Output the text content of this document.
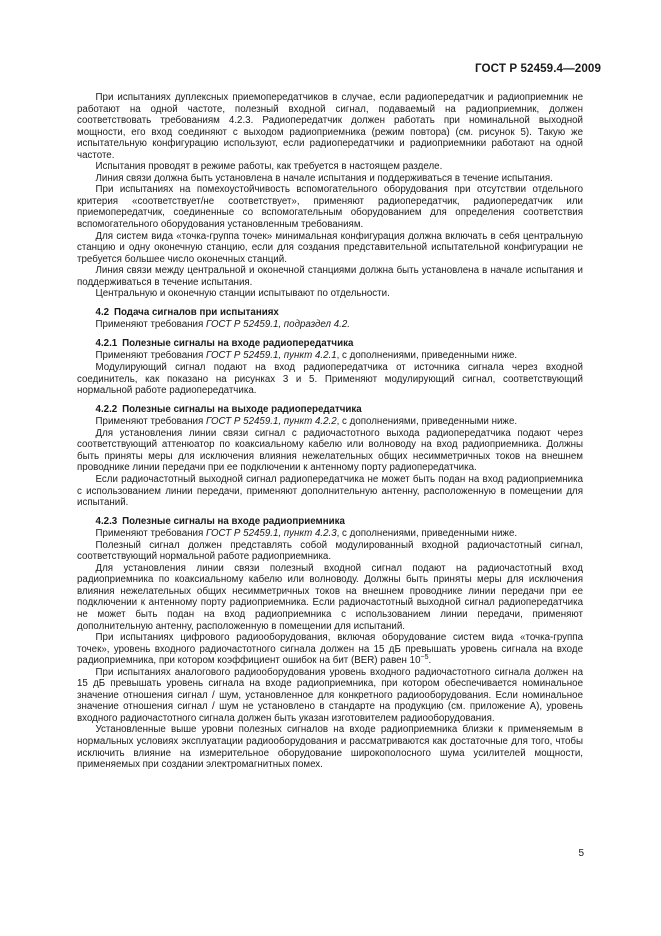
ГОСТ Р 52459.4—2009

При испытаниях дуплексных приемопередатчиков в случае, если радиопередатчик и радиоприемник не работают на одной частоте, полезный входной сигнал, подаваемый на радиоприемник, должен соответствовать требованиям 4.2.3. Радиопередатчик должен работать при номинальной выходной мощности, его вход соединяют с выходом радиоприемника (режим повтора) (см. рисунок 5). Такую же испытательную конфигурацию используют, если радиопередатчики и радиоприемники работают на одной частоте.

Испытания проводят в режиме работы, как требуется в настоящем разделе.

Линия связи должна быть установлена в начале испытания и поддерживаться в течение испытания.

При испытаниях на помехоустойчивость вспомогательного оборудования при отсутствии отдельного критерия «соответствует/не соответствует», применяют радиопередатчик, радиопередатчик или приемопередатчик, соединенные со вспомогательным оборудованием для определения соответствия вспомогательного оборудования установленным требованиям.

Для систем вида «точка-группа точек» минимальная конфигурация должна включать в себя центральную станцию и одну оконечную станцию, если для создания представительной испытательной конфигурации не требуется большее число оконечных станций.

Линия связи между центральной и оконечной станциями должна быть установлена в начале испытания и поддерживаться в течение испытания.

Центральную и оконечную станции испытывают по отдельности.

4.2 Подача сигналов при испытаниях

Применяют требования ГОСТ Р 52459.1, подраздел 4.2.

4.2.1 Полезные сигналы на входе радиопередатчика

Применяют требования ГОСТ Р 52459.1, пункт 4.2.1, с дополнениями, приведенными ниже.

Модулирующий сигнал подают на вход радиопередатчика от источника сигнала через входной соединитель, как показано на рисунках 3 и 5. Применяют модулирующий сигнал, соответствующий нормальной работе радиопередатчика.

4.2.2 Полезные сигналы на выходе радиопередатчика

Применяют требования ГОСТ Р 52459.1, пункт 4.2.2, с дополнениями, приведенными ниже.

Для установления линии связи сигнал с радиочастотного выхода радиопередатчика подают через соответствующий аттенюатор по коаксиальному кабелю или волноводу на вход радиоприемника. Должны быть приняты меры для исключения влияния нежелательных общих несимметричных токов на внешнем проводнике линии передачи при ее подключении к антенному порту радиопередатчика.

Если радиочастотный выходной сигнал радиопередатчика не может быть подан на вход радиоприемника с использованием линии передачи, применяют дополнительную антенну, расположенную в помещении для испытаний.

4.2.3 Полезные сигналы на входе радиоприемника

Применяют требования ГОСТ Р 52459.1, пункт 4.2.3, с дополнениями, приведенными ниже.

Полезный сигнал должен представлять собой модулированный входной радиочастотный сигнал, соответствующий нормальной работе радиоприемника.

Для установления линии связи полезный входной сигнал подают на радиочастотный вход радиоприемника по коаксиальному кабелю или волноводу. Должны быть приняты меры для исключения влияния нежелательных общих несимметричных токов на внешнем проводнике линии передачи при ее подключении к антенному порту радиоприемника. Если радиочастотный выходной сигнал радиопередатчика не может быть подан на вход радиоприемника с использованием линии передачи, применяют дополнительную антенну, расположенную в помещении для испытаний.

При испытаниях цифрового радиооборудования, включая оборудование систем вида «точка-группа точек», уровень входного радиочастотного сигнала должен на 15 дБ превышать уровень сигнала на входе радиоприемника, при котором коэффициент ошибок на бит (BER) равен $10^{-5}$.

При испытаниях аналогового радиооборудования уровень входного радиочастотного сигнала должен на 15 дБ превышать уровень сигнала на входе радиоприемника, при котором обеспечивается номинальное значение отношения сигнал / шум, установленное для конкретного радиооборудования. Если номинальное значение отношения сигнал / шум не установлено в стандарте на продукцию (см. приложение А), уровень входного радиочастотного сигнала должен быть указан изготовителем радиооборудования.

Установленные выше уровни полезных сигналов на входе радиоприемника близки к применяемым в нормальных условиях эксплуатации радиооборудования и рассматриваются как достаточные для того, чтобы исключить влияние на измерительное оборудование широкополосного шума усилителей мощности, применяемых при создании электромагнитных помех.

5
